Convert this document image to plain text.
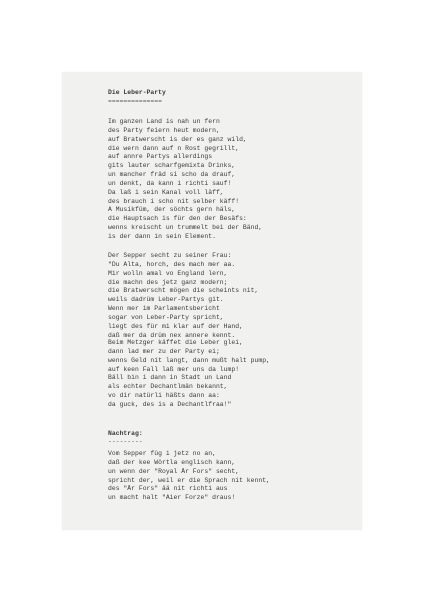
Die Leber-Party
==============
Im ganzen Land is nah un fern
des Party feiern heut modern,
auf Bratwerscht is der es ganz wild,
die wern dann auf n Rost gegrillt,
auf annre Partys allerdings
gits lauter scharfgemixta Drinks,
un mancher fräd si scho da drauf,
un denkt, da kann i richti sauf!
Da laß i sein Kanal voll läff,
des brauch i scho nit selber käff!
A Musikfüm, der söchts gern häls,
die Hauptsach is für den der Besäfs:
wenns kreischt un trummelt bei der Bänd,
is der dann in sein Element.
Der Sepper secht zu seiner Frau:
"Du Alta, horch, des mach mer aa.
Mir wolln amal vo England lern,
die machn des jetz ganz modern;
die Bratwerscht mögen die scheints nit,
weils dadrüm Leber-Partys git.
Wenn mer im Parlamentsbericht
sogar von Leber-Party spricht,
liegt des für mi klar auf der Hand,
daß mer da drüm nex annere kennt.
Beim Metzger käffet die Leber glei,
dann lad mer zu der Party ei;
wenns Geld nit langt, dann mußt halt pump,
auf keen Fall laß mer uns da lump!
Bäll bin i dann in Stadt un Land
als echter Dechantlmän bekannt,
vo dir natürli häßts dann aa:
da guck, des is a Dechantlfraa!"
Nachtrag:
---------
Vom Sepper füg i jetz no an,
daß der kee Wörtla englisch kann,
un wenn der "Royal Är Fors" secht,
spricht der, weil er die Sprach nit kennt,
des "Är Fors" ää nit richti aus
un macht halt "Aier Forze" draus!
